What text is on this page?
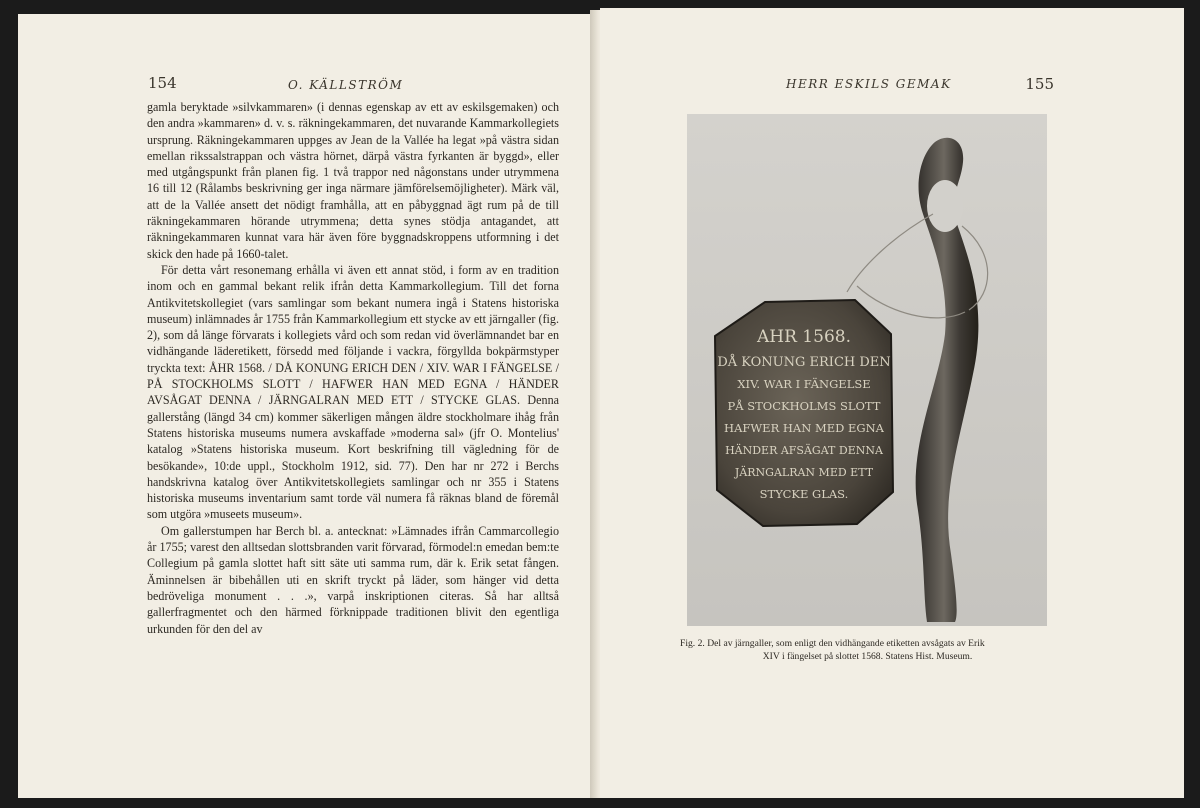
154	O. KÄLLSTRÖM

gamla beryktade »silvkammaren» (i dennas egenskap av ett av eskilsgemaken) och den andra »kammaren» d. v. s. räkningekammaren, det nuvarande Kammarkollegiets ursprung. Räkningekammaren uppges av Jean de la Vallée ha legat »på västra sidan emellan rikssalstrappan och västra hörnet, därpå västra fyrkanten är byggd», eller med utgångspunkt från planen fig. 1 två trappor ned någonstans under utrymmena 16 till 12 (Rålambs beskrivning ger inga närmare jämförelsemöjligheter). Märk väl, att de la Vallée ansett det nödigt framhålla, att en påbyggnad ägt rum på de till räkningekammaren hörande utrymmena; detta synes stödja antagandet, att räkningekammaren kunnat vara här även före byggnadskroppens utformning i det skick den hade på 1660-talet.

För detta vårt resonemang erhålla vi även ett annat stöd, i form av en tradition inom och en gammal bekant relik ifrån detta Kammarkollegium. Till det forna Antikvitetskollegiet (vars samlingar som bekant numera ingå i Statens historiska museum) inlämnades år 1755 från Kammarkollegium ett stycke av ett järngaller (fig. 2), som då länge förvarats i kollegiets vård och som redan vid överlämnandet bar en vidhängande läderetikett, försedd med följande i vackra, förgyllda bokpärmstyper tryckta text: ÅHR 1568. / DÅ KONUNG ERICH DEN / XIV. WAR I FÄNGELSE / PÅ STOCKHOLMS SLOTT / HAFWER HAN MED EGNA / HÄNDER AVSÅGAT DENNA / JÄRNGALRAN MED ETT / STYCKE GLAS. Denna gallerstång (längd 34 cm) kommer säkerligen mången äldre stockholmare ihåg från Statens historiska museums numera avskaffade »moderna sal» (jfr O. Montelius' katalog »Statens historiska museum. Kort beskrifning till vägledning för de besökande», 10:de uppl., Stockholm 1912, sid. 77). Den har nr 272 i Berchs handskrivna katalog över Antikvitetskollegiets samlingar och nr 355 i Statens historiska museums inventarium samt torde väl numera få räknas bland de föremål som utgöra »museets museum».

Om gallerstumpen har Berch bl. a. antecknat: »Lämnades ifrån Cammarcollegio år 1755; varest den alltsedan slottsbranden varit förvarad, förmodel:n emedan bem:te Collegium på gamla slottet haft sitt säte uti samma rum, där k. Erik setat fången. Äminnelsen är bibehållen uti en skrift tryckt på läder, som hänger vid detta bedröveliga monument . . .», varpå inskriptionen citeras. Så har alltså gallerfragmentet och den härmed förknippade traditionen blivit den egentliga urkunden för den del av

HERR ESKILS GEMAK	155
AHR 1568.
DÅ KONUNG ERICH DEN
XIV. WAR I FÄNGELSE
PÅ STOCKHOLMS SLOTT
HAFWER HAN MED EGNA
HÄNDER AFSÄGAT DENNA
JÄRNGALRAN MED ETT
STYCKE GLAS.
Fig. 2. Del av järngaller, som enligt den vidhängande etiketten avsågats av Erik
XIV i fängelset på slottet 1568. Statens Hist. Museum.
